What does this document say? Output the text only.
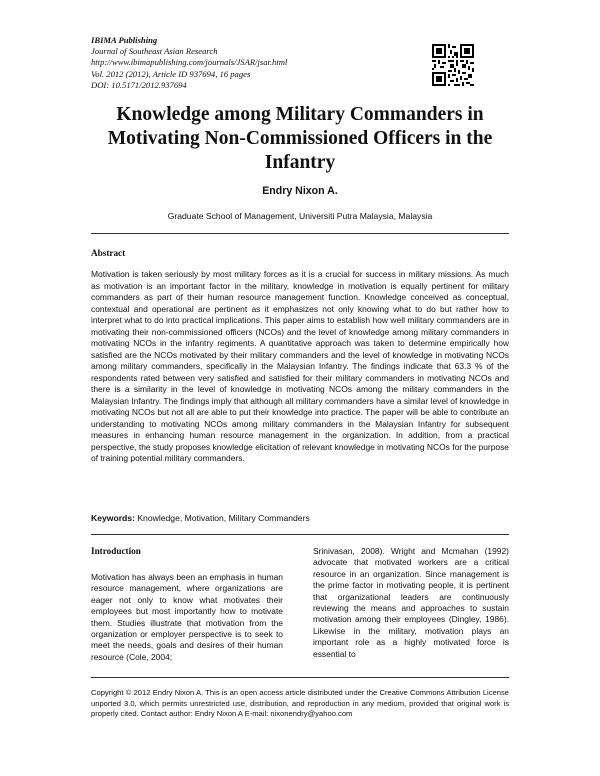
IBIMA Publishing
Journal of Southeast Asian Research
http://www.ibimapublishing.com/journals/JSAR/jsar.html
Vol. 2012 (2012), Article ID 937694, 16 pages
DOI: 10.5171/2012.937694
Knowledge among Military Commanders in Motivating Non-Commissioned Officers in the Infantry
Endry Nixon A.
Graduate School of Management, Universiti Putra Malaysia, Malaysia
Abstract
Motivation is taken seriously by most military forces as it is a crucial for success in military missions. As much as motivation is an important factor in the military, knowledge in motivation is equally pertinent for military commanders as part of their human resource management function. Knowledge conceived as conceptual, contextual and operational are pertinent as it emphasizes not only knowing what to do but rather how to interpret what to do into practical implications. This paper aims to establish how well military commanders are in motivating their non-commissioned officers (NCOs) and the level of knowledge among military commanders in motivating NCOs in the infantry regiments. A quantitative approach was taken to determine empirically how satisfied are the NCOs motivated by their military commanders and the level of knowledge in motivating NCOs among military commanders, specifically in the Malaysian Infantry. The findings indicate that 63.3 % of the respondents rated between very satisfied and satisfied for their military commanders in motivating NCOs and there is a similarity in the level of knowledge in motivating NCOs among the military commanders in the Malaysian Infantry. The findings imply that although all military commanders have a similar level of knowledge in motivating NCOs but not all are able to put their knowledge into practice. The paper will be able to contribute an understanding to motivating NCOs among military commanders in the Malaysian Infantry for subsequent measures in enhancing human resource management in the organization. In addition, from a practical perspective, the study proposes knowledge elicitation of relevant knowledge in motivating NCOs for the purpose of training potential military commanders.
Keywords: Knowledge, Motivation, Military Commanders
Introduction
Motivation has always been an emphasis in human resource management, where organizations are eager not only to know what motivates their employees but most importantly how to motivate them. Studies illustrate that motivation from the organization or employer perspective is to seek to meet the needs, goals and desires of their human resource (Cole, 2004;
Srinivasan, 2008). Wright and Mcmahan (1992) advocate that motivated workers are a critical resource in an organization. Since management is the prime factor in motivating people, it is pertinent that organizational leaders are continuously reviewing the means and approaches to sustain motivation among their employees (Dingley, 1986). Likewise in the military, motivation plays an important role as a highly motivated force is essential to
Copyright © 2012 Endry Nixon A. This is an open access article distributed under the Creative Commons Attribution License unported 3.0, which permits unrestricted use, distribution, and reproduction in any medium, provided that original work is properly cited. Contact author: Endry Nixon A E-mail: nixonendry@yahoo.com
